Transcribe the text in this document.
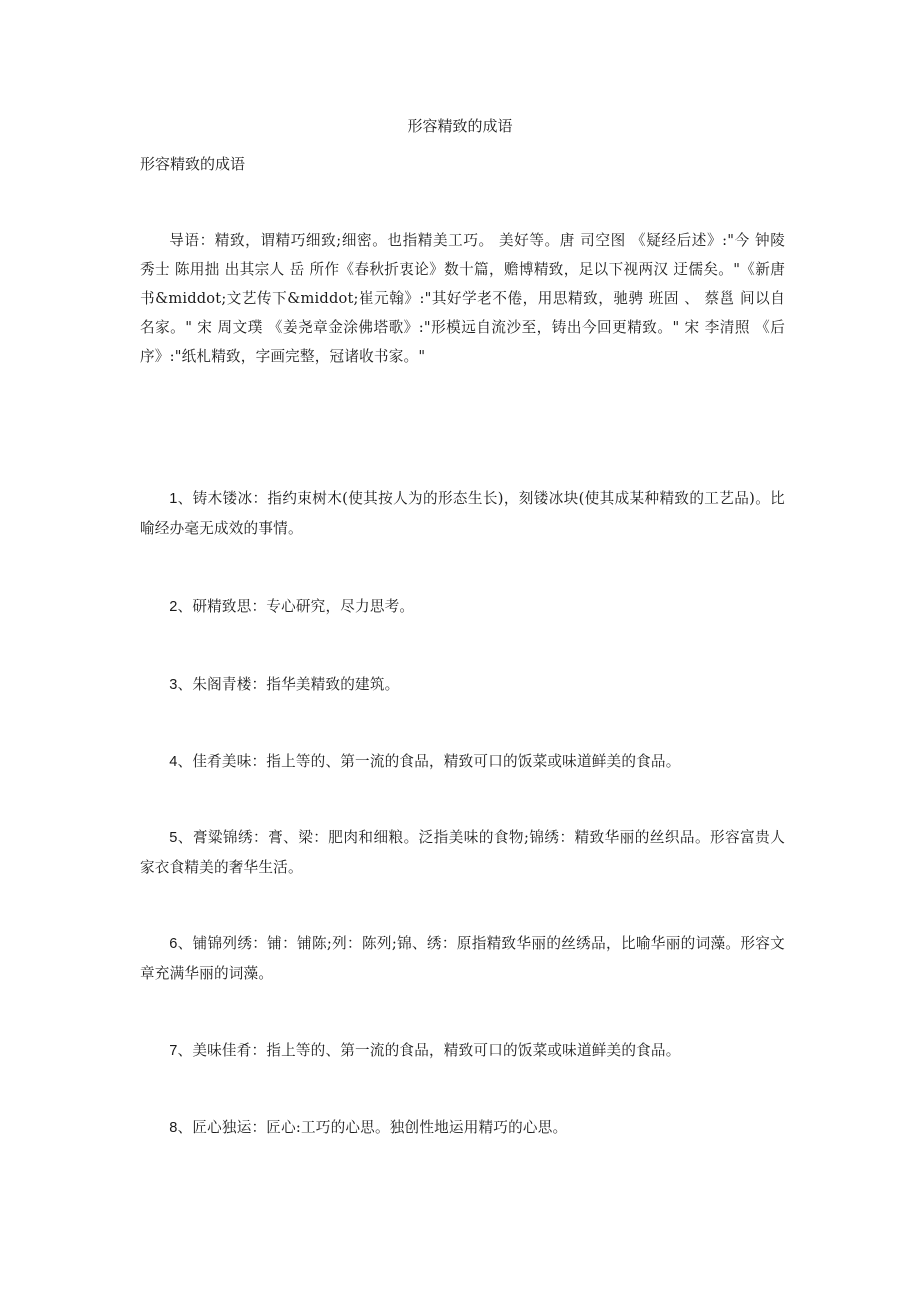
形容精致的成语

形容精致的成语

导语：精致，谓精巧细致;细密。也指精美工巧。 美好等。唐 司空图 《疑经后述》:"今 钟陵 秀士 陈用拙 出其宗人 岳 所作《春秋折衷论》数十篇，赡博精致，足以下视两汉 迂儒矣。"《新唐书&middot;文艺传下&middot;崔元翰》:"其好学老不倦，用思精致，驰骋 班固 、 蔡邕 间以自名家。" 宋 周文璞 《姜尧章金涂佛塔歌》:"形模远自流沙至，铸出今回更精致。" 宋 李清照 《后序》:"纸札精致，字画完整，冠诸收书家。"

1、铸木镂冰：指约束树木(使其按人为的形态生长)，刻镂冰块(使其成某种精致的工艺品)。比喻经办毫无成效的事情。

2、研精致思：专心研究，尽力思考。

3、朱阁青楼：指华美精致的建筑。

4、佳肴美味：指上等的、第一流的食品，精致可口的饭菜或味道鲜美的食品。

5、膏粱锦绣：膏、梁：肥肉和细粮。泛指美味的食物;锦绣：精致华丽的丝织品。形容富贵人家衣食精美的奢华生活。

6、铺锦列绣：铺：铺陈;列：陈列;锦、绣：原指精致华丽的丝绣品，比喻华丽的词藻。形容文章充满华丽的词藻。

7、美味佳肴：指上等的、第一流的食品，精致可口的饭菜或味道鲜美的食品。

8、匠心独运：匠心:工巧的心思。独创性地运用精巧的心思。
